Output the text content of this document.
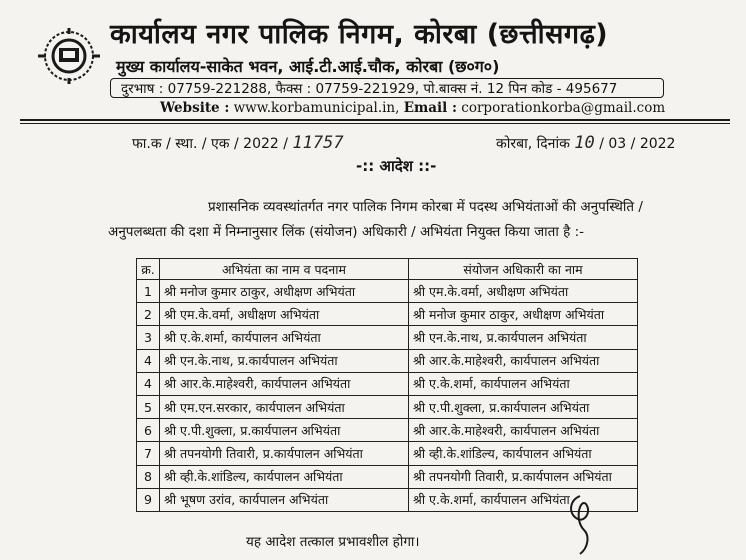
कार्यालय नगर पालिक निगम, कोरबा (छत्तीसगढ़)
मुख्य कार्यालय-साकेत भवन, आई.टी.आई.चौक, कोरबा (छ०ग०)
दुरभाष : 07759-221288, फैक्स : 07759-221929, पो.बाक्स नं. 12 पिन कोड - 495677
Website : www.korbamunicipal.in, Email : corporationkorba@gmail.com
फा.क / स्था. / एक / 2022 / 11757	कोरबा, दिनांक 10 / 03 / 2022
-:: आदेश ::-
प्रशासनिक व्यवस्थांतर्गत नगर पालिक निगम कोरबा में पदस्थ अभियंताओं की अनुपस्थिति /
अनुपलब्धता की दशा में निम्नानुसार लिंक (संयोजन) अधिकारी / अभियंता नियुक्त किया जाता है :-
क्र.	अभियंता का नाम व पदनाम	संयोजन अधिकारी का नाम
1	श्री मनोज कुमार ठाकुर, अधीक्षण अभियंता	श्री एम.के.वर्मा, अधीक्षण अभियंता
2	श्री एम.के.वर्मा, अधीक्षण अभियंता	श्री मनोज कुमार ठाकुर, अधीक्षण अभियंता
3	श्री ए.के.शर्मा, कार्यपालन अभियंता	श्री एन.के.नाथ, प्र.कार्यपालन अभियंता
4	श्री एन.के.नाथ, प्र.कार्यपालन अभियंता	श्री आर.के.माहेश्वरी, कार्यपालन अभियंता
4	श्री आर.के.माहेश्वरी, कार्यपालन अभियंता	श्री ए.के.शर्मा, कार्यपालन अभियंता
5	श्री एम.एन.सरकार, कार्यपालन अभियंता	श्री ए.पी.शुक्ला, प्र.कार्यपालन अभियंता
6	श्री ए.पी.शुक्ला, प्र.कार्यपालन अभियंता	श्री आर.के.माहेश्वरी, कार्यपालन अभियंता
7	श्री तपनयोगी तिवारी, प्र.कार्यपालन अभियंता	श्री व्ही.के.शांडिल्य, कार्यपालन अभियंता
8	श्री व्ही.के.शांडिल्य, कार्यपालन अभियंता	श्री तपनयोगी तिवारी, प्र.कार्यपालन अभियंता
9	श्री भूषण उरांव, कार्यपालन अभियंता	श्री ए.के.शर्मा, कार्यपालन अभियंता
यह आदेश तत्काल प्रभावशील होगा।
